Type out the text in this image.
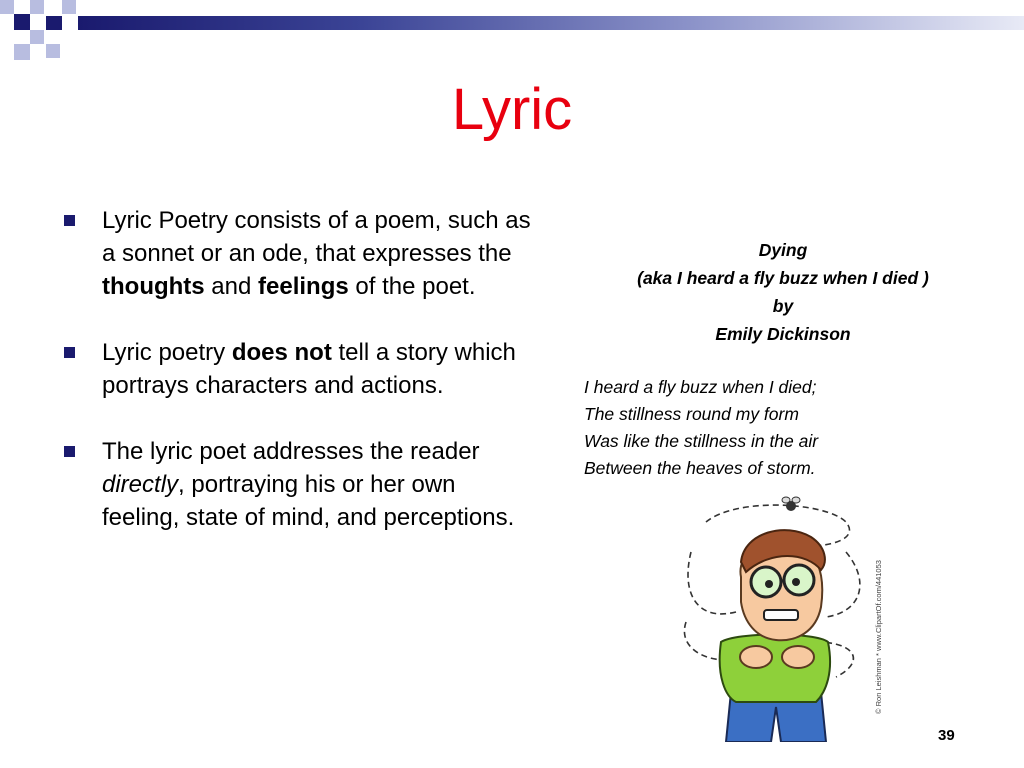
Lyric
Lyric Poetry consists of a poem, such as a sonnet or an ode, that expresses the thoughts and feelings of the poet.
Lyric poetry does not tell a story which portrays characters and actions.
The lyric poet addresses the reader directly, portraying his or her own feeling, state of mind, and perceptions.
Dying
(aka I heard a fly buzz when I died )
by
Emily Dickinson
I heard a fly buzz when I died;
The stillness round my form
Was like the stillness in the air
Between the heaves of storm.
© Ron Leishman * www.ClipartOf.com/441053
39
